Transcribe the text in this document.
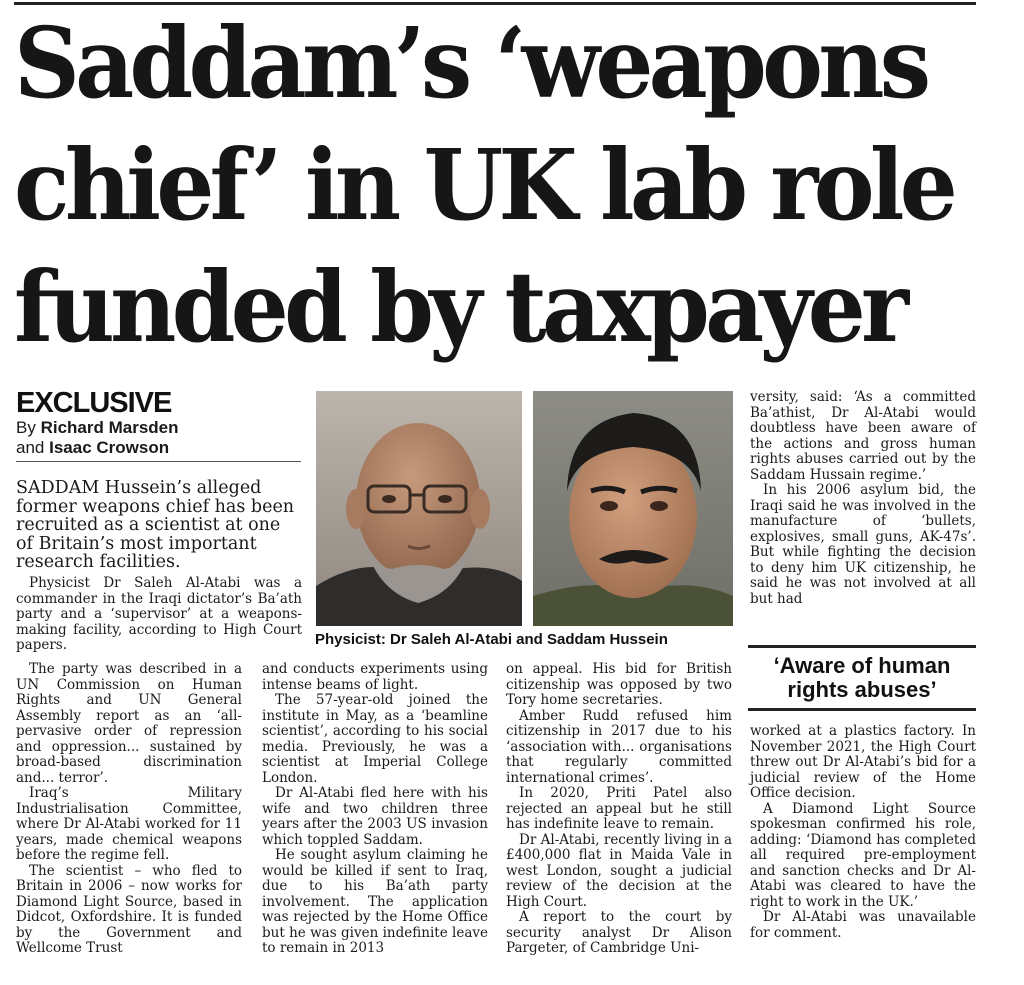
Saddam’s ‘weapons
chief’ in UK lab role
funded by taxpayer
EXCLUSIVE
By Richard Marsden
and Isaac Crowson

SADDAM Hussein’s alleged former weapons chief has been recruited as a scientist at one of Britain’s most important research facilities.

Physicist Dr Saleh Al-Atabi was a commander in the Iraqi dictator’s Ba’ath party and a ‘supervisor’ at a weapons-making facility, according to High Court papers.

The party was described in a UN Commission on Human Rights and UN General Assembly report as an ‘all-pervasive order of repression and oppression... sustained by broad-based discrimination and... terror’.

Iraq’s Military Industrialisation Committee, where Dr Al-Atabi worked for 11 years, made chemical weapons before the regime fell.

The scientist – who fled to Britain in 2006 – now works for Diamond Light Source, based in Didcot, Oxfordshire. It is funded by the Government and Wellcome Trust

Physicist: Dr Saleh Al-Atabi and Saddam Hussein

and conducts experiments using intense beams of light.

The 57-year-old joined the institute in May, as a ‘beamline scientist’, according to his social media. Previously, he was a scientist at Imperial College London.

Dr Al-Atabi fled here with his wife and two children three years after the 2003 US invasion which toppled Saddam.

He sought asylum claiming he would be killed if sent to Iraq, due to his Ba’ath party involvement. The application was rejected by the Home Office but he was given indefinite leave to remain in 2013

on appeal. His bid for British citizenship was opposed by two Tory home secretaries.

Amber Rudd refused him citizenship in 2017 due to his ‘association with... organisations that regularly committed international crimes’.

In 2020, Priti Patel also rejected an appeal but he still has indefinite leave to remain.

Dr Al-Atabi, recently living in a £400,000 flat in Maida Vale in west London, sought a judicial review of the decision at the High Court.

A report to the court by security analyst Dr Alison Pargeter, of Cambridge Uni-

versity, said: ‘As a committed Ba’athist, Dr Al-Atabi would doubtless have been aware of the actions and gross human rights abuses carried out by the Saddam Hussain regime.’

In his 2006 asylum bid, the Iraqi said he was involved in the manufacture of ‘bullets, explosives, small guns, AK-47s’. But while fighting the decision to deny him UK citizenship, he said he was not involved at all but had

‘Aware of human
rights abuses’

worked at a plastics factory. In November 2021, the High Court threw out Dr Al-Atabi’s bid for a judicial review of the Home Office decision.

A Diamond Light Source spokesman confirmed his role, adding: ‘Diamond has completed all required pre-employment and sanction checks and Dr Al-Atabi was cleared to have the right to work in the UK.’

Dr Al-Atabi was unavailable for comment.
